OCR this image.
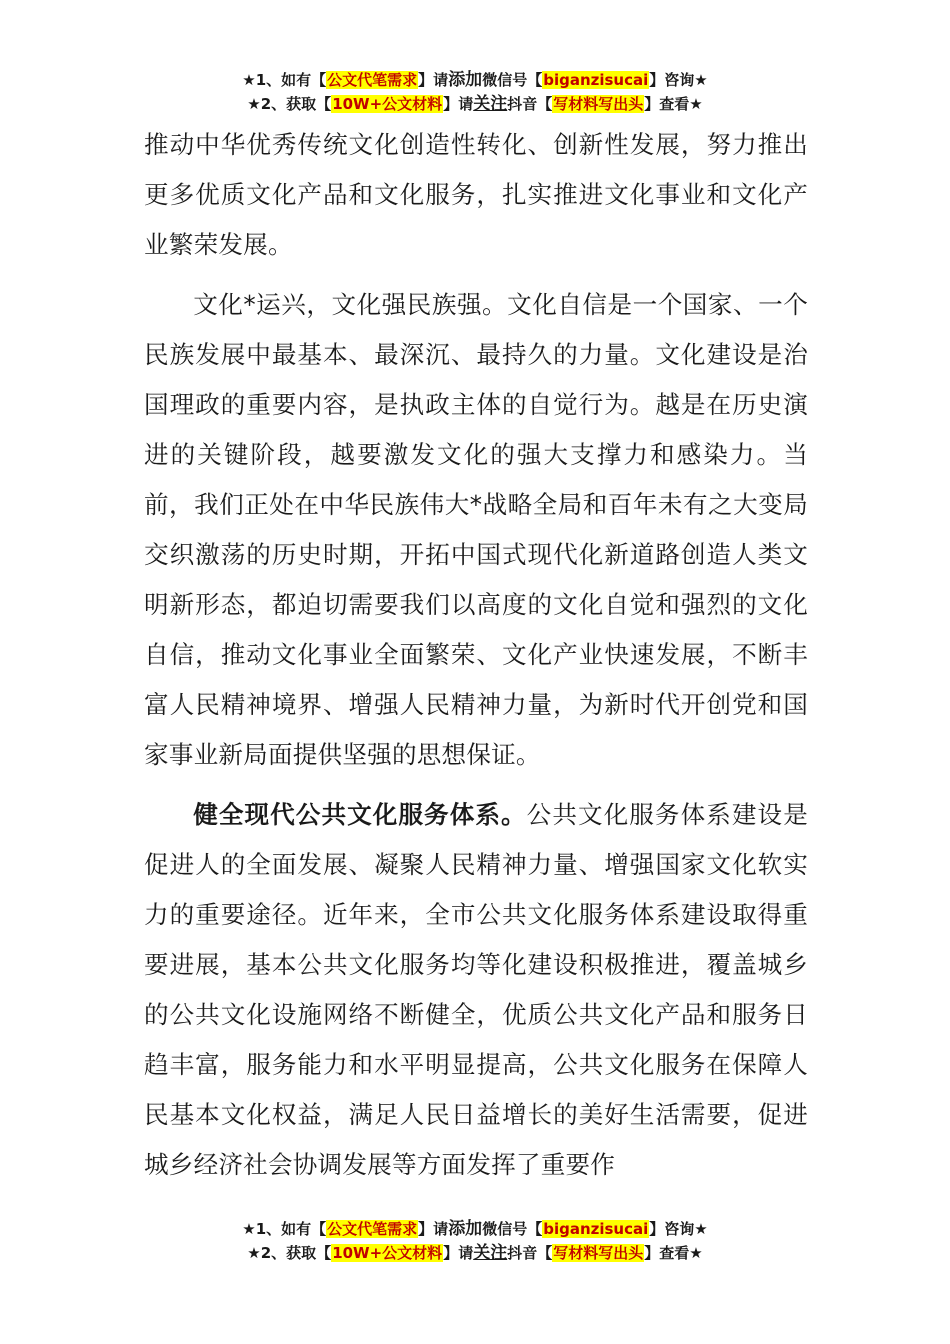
★1、如有【公文代笔需求】请添加微信号【biganzisucai】咨询★
★2、获取【10W+公文材料】请关注抖音【写材料写出头】查看★

推动中华优秀传统文化创造性转化、创新性发展，努力推出更多优质文化产品和文化服务，扎实推进文化事业和文化产业繁荣发展。

文化*运兴，文化强民族强。文化自信是一个国家、一个民族发展中最基本、最深沉、最持久的力量。文化建设是治国理政的重要内容，是执政主体的自觉行为。越是在历史演进的关键阶段，越要激发文化的强大支撑力和感染力。当前，我们正处在中华民族伟大*战略全局和百年未有之大变局交织激荡的历史时期，开拓中国式现代化新道路创造人类文明新形态，都迫切需要我们以高度的文化自觉和强烈的文化自信，推动文化事业全面繁荣、文化产业快速发展，不断丰富人民精神境界、增强人民精神力量，为新时代开创党和国家事业新局面提供坚强的思想保证。

健全现代公共文化服务体系。公共文化服务体系建设是促进人的全面发展、凝聚人民精神力量、增强国家文化软实力的重要途径。近年来，全市公共文化服务体系建设取得重要进展，基本公共文化服务均等化建设积极推进，覆盖城乡的公共文化设施网络不断健全，优质公共文化产品和服务日趋丰富，服务能力和水平明显提高，公共文化服务在保障人民基本文化权益，满足人民日益增长的美好生活需要，促进城乡经济社会协调发展等方面发挥了重要作

★1、如有【公文代笔需求】请添加微信号【biganzisucai】咨询★
★2、获取【10W+公文材料】请关注抖音【写材料写出头】查看★
